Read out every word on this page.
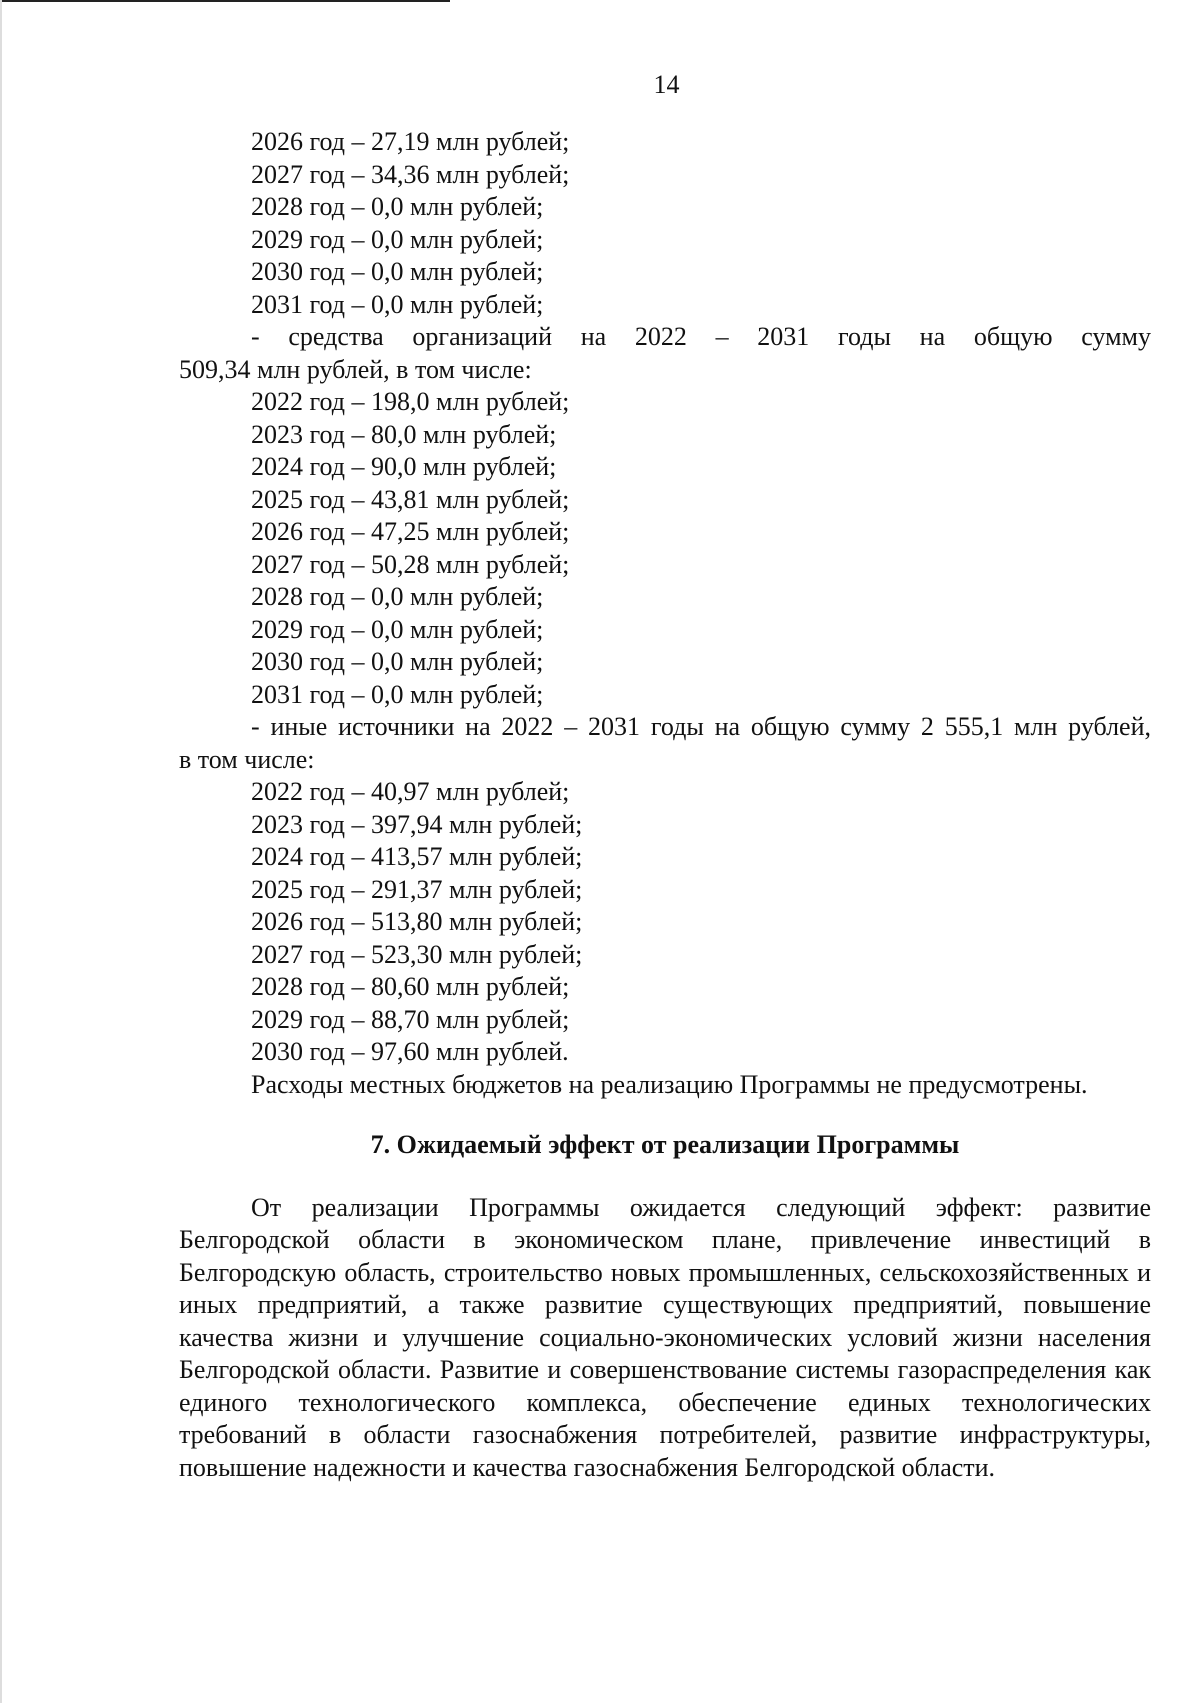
14
2026 год – 27,19 млн рублей;
2027 год – 34,36 млн рублей;
2028 год – 0,0 млн рублей;
2029 год – 0,0 млн рублей;
2030 год – 0,0 млн рублей;
2031 год – 0,0 млн рублей;
- средства организаций на 2022 – 2031 годы на общую сумму
509,34 млн рублей, в том числе:
2022 год – 198,0 млн рублей;
2023 год – 80,0 млн рублей;
2024 год – 90,0 млн рублей;
2025 год – 43,81 млн рублей;
2026 год – 47,25 млн рублей;
2027 год – 50,28 млн рублей;
2028 год – 0,0 млн рублей;
2029 год – 0,0 млн рублей;
2030 год – 0,0 млн рублей;
2031 год – 0,0 млн рублей;
- иные источники на 2022 – 2031 годы на общую сумму 2 555,1 млн рублей,
в том числе:
2022 год – 40,97 млн рублей;
2023 год – 397,94 млн рублей;
2024 год – 413,57 млн рублей;
2025 год – 291,37 млн рублей;
2026 год – 513,80 млн рублей;
2027 год – 523,30 млн рублей;
2028 год – 80,60 млн рублей;
2029 год – 88,70 млн рублей;
2030 год – 97,60 млн рублей.
Расходы местных бюджетов на реализацию Программы не предусмотрены.
7. Ожидаемый эффект от реализации Программы

От реализации Программы ожидается следующий эффект: развитие Белгородской области в экономическом плане, привлечение инвестиций в Белгородскую область, строительство новых промышленных, сельскохозяйственных и иных предприятий, а также развитие существующих предприятий, повышение качества жизни и улучшение социально-экономических условий жизни населения Белгородской области. Развитие и совершенствование системы газораспределения как единого технологического комплекса, обеспечение единых технологических требований в области газоснабжения потребителей, развитие инфраструктуры, повышение надежности и качества газоснабжения Белгородской области.
